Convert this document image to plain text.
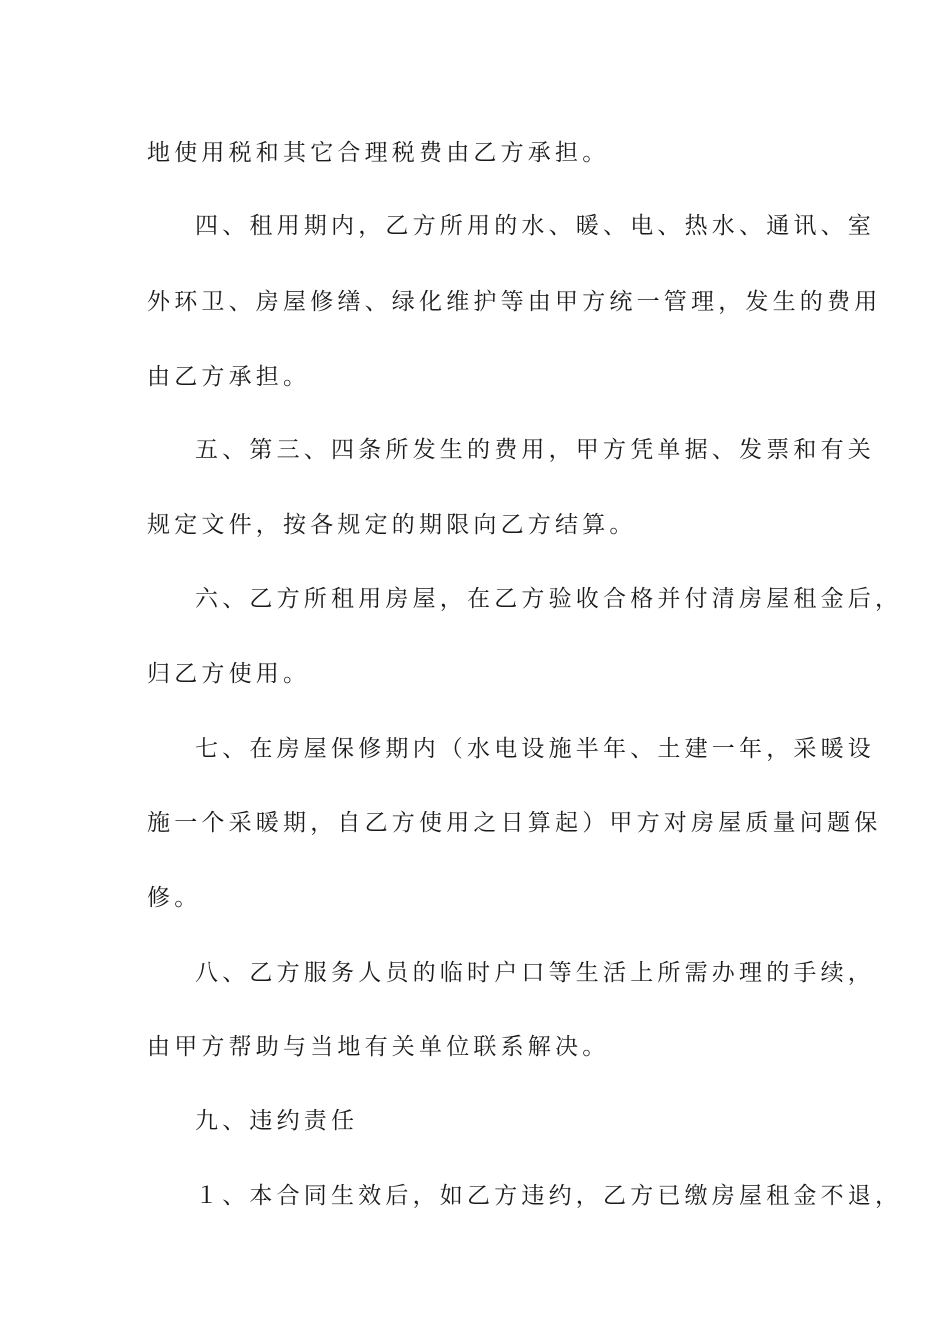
地使用税和其它合理税费由乙方承担。
四、租用期内，乙方所用的水、暖、电、热水、通讯、室
外环卫、房屋修缮、绿化维护等由甲方统一管理，发生的费用
由乙方承担。
五、第三、四条所发生的费用，甲方凭单据、发票和有关
规定文件，按各规定的期限向乙方结算。
六、乙方所租用房屋，在乙方验收合格并付清房屋租金后，
归乙方使用。
七、在房屋保修期内（水电设施半年、土建一年，采暖设
施一个采暖期，自乙方使用之日算起）甲方对房屋质量问题保
修。
八、乙方服务人员的临时户口等生活上所需办理的手续，
由甲方帮助与当地有关单位联系解决。
九、违约责任
１、本合同生效后，如乙方违约，乙方已缴房屋租金不退，
